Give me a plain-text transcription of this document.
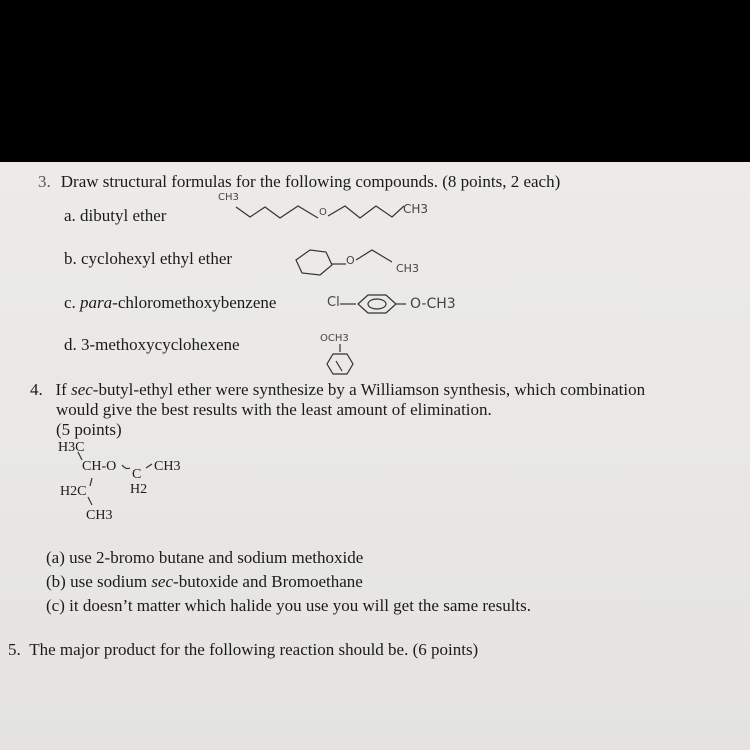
3. Draw structural formulas for the following compounds. (8 points, 2 each)
a. dibutyl ether
b. cyclohexyl ethyl ether
c. para-chloromethoxybenzene
d. 3-methoxycyclohexene
CH3
O	CH3
O
CH3
Cl	O-CH3
OCH3
4. If sec-butyl-ethyl ether were synthesize by a Williamson synthesis, which combination
would give the best results with the least amount of elimination.
(5 points)
H3C
CH-O
C
CH3
H2C	H2
CH3
(a) use 2-bromo butane and sodium methoxide
(b) use sodium sec-butoxide and Bromoethane
(c) it doesn’t matter which halide you use you will get the same results.
5. The major product for the following reaction should be. (6 points)
